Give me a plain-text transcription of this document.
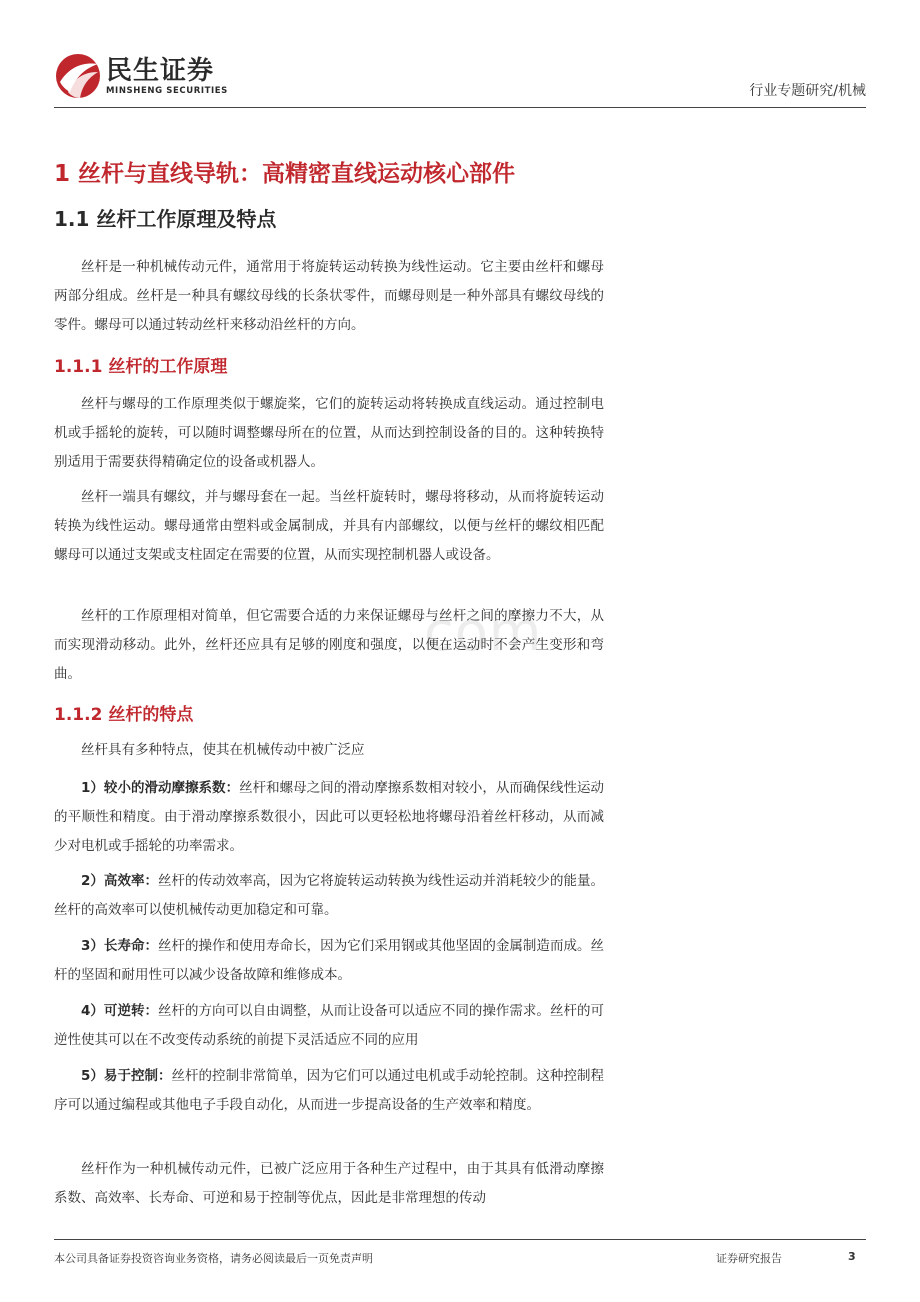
民生证券
MINSHENG SECURITIES	行业专题研究/机械
com
1 丝杆与直线导轨：高精密直线运动核心部件
1.1 丝杆工作原理及特点

丝杆是一种机械传动元件，通常用于将旋转运动转换为线性运动。它主要由丝杆和螺母两部分组成。丝杆是一种具有螺纹母线的长条状零件，而螺母则是一种外部具有螺纹母线的零件。螺母可以通过转动丝杆来移动沿丝杆的方向。

1.1.1 丝杆的工作原理

丝杆与螺母的工作原理类似于螺旋桨，它们的旋转运动将转换成直线运动。通过控制电机或手摇轮的旋转，可以随时调整螺母所在的位置，从而达到控制设备的目的。这种转换特别适用于需要获得精确定位的设备或机器人。

丝杆一端具有螺纹，并与螺母套在一起。当丝杆旋转时，螺母将移动，从而将旋转运动转换为线性运动。螺母通常由塑料或金属制成，并具有内部螺纹，以便与丝杆的螺纹相匹配螺母可以通过支架或支柱固定在需要的位置，从而实现控制机器人或设备。

丝杆的工作原理相对简单，但它需要合适的力来保证螺母与丝杆之间的摩擦力不大，从而实现滑动移动。此外，丝杆还应具有足够的刚度和强度，以便在运动时不会产生变形和弯曲。

1.1.2 丝杆的特点

丝杆具有多种特点，使其在机械传动中被广泛应

1）较小的滑动摩擦系数：丝杆和螺母之间的滑动摩擦系数相对较小，从而确保线性运动的平顺性和精度。由于滑动摩擦系数很小，因此可以更轻松地将螺母沿着丝杆移动，从而减少对电机或手摇轮的功率需求。

2）高效率：丝杆的传动效率高，因为它将旋转运动转换为线性运动并消耗较少的能量。丝杆的高效率可以使机械传动更加稳定和可靠。

3）长寿命：丝杆的操作和使用寿命长，因为它们采用钢或其他坚固的金属制造而成。丝杆的坚固和耐用性可以减少设备故障和维修成本。

4）可逆转：丝杆的方向可以自由调整，从而让设备可以适应不同的操作需求。丝杆的可逆性使其可以在不改变传动系统的前提下灵活适应不同的应用

5）易于控制：丝杆的控制非常简单，因为它们可以通过电机或手动轮控制。这种控制程序可以通过编程或其他电子手段自动化，从而进一步提高设备的生产效率和精度。

丝杆作为一种机械传动元件，已被广泛应用于各种生产过程中，由于其具有低滑动摩擦系数、高效率、长寿命、可逆和易于控制等优点，因此是非常理想的传动

本公司具备证券投资咨询业务资格，请务必阅读最后一页免责声明	证券研究报告	3
